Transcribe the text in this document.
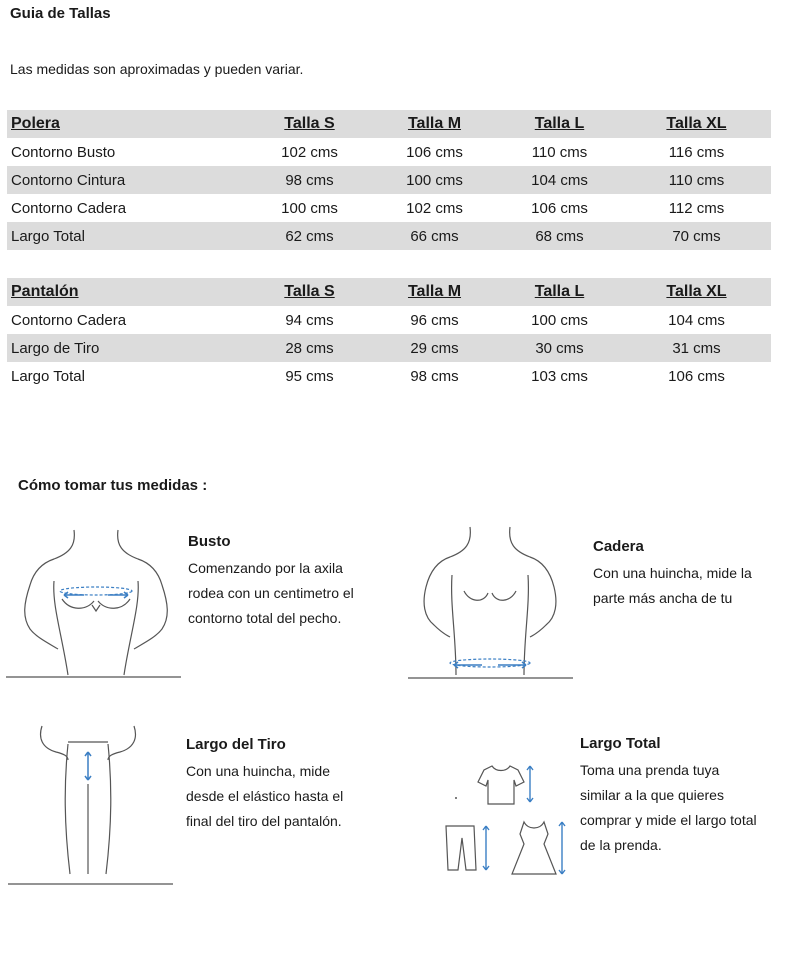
Guia de Tallas
Las medidas son aproximadas y pueden variar.
Polera	Talla S	Talla M	Talla L	Talla XL
Contorno Busto	102 cms	106 cms	110 cms	116 cms
Contorno Cintura	98 cms	100 cms	104 cms	110 cms
Contorno Cadera	100 cms	102 cms	106 cms	112 cms
Largo Total	62 cms	66 cms	68 cms	70 cms
Pantalón	Talla S	Talla M	Talla L	Talla XL
Contorno Cadera	94 cms	96 cms	100 cms	104 cms
Largo de Tiro	28 cms	29 cms	30 cms	31 cms
Largo Total	95 cms	98 cms	103 cms	106 cms
Cómo tomar tus medidas :
Busto
Comenzando por la axila
rodea con un centimetro el
contorno total del pecho.
Cadera
Con una huincha, mide la
parte más ancha de tu
Largo del Tiro
Con una huincha, mide
desde el elástico hasta el
final del tiro del pantalón.
Largo Total
Toma una prenda tuya
similar a la que quieres
comprar y mide el largo total
de la prenda.
